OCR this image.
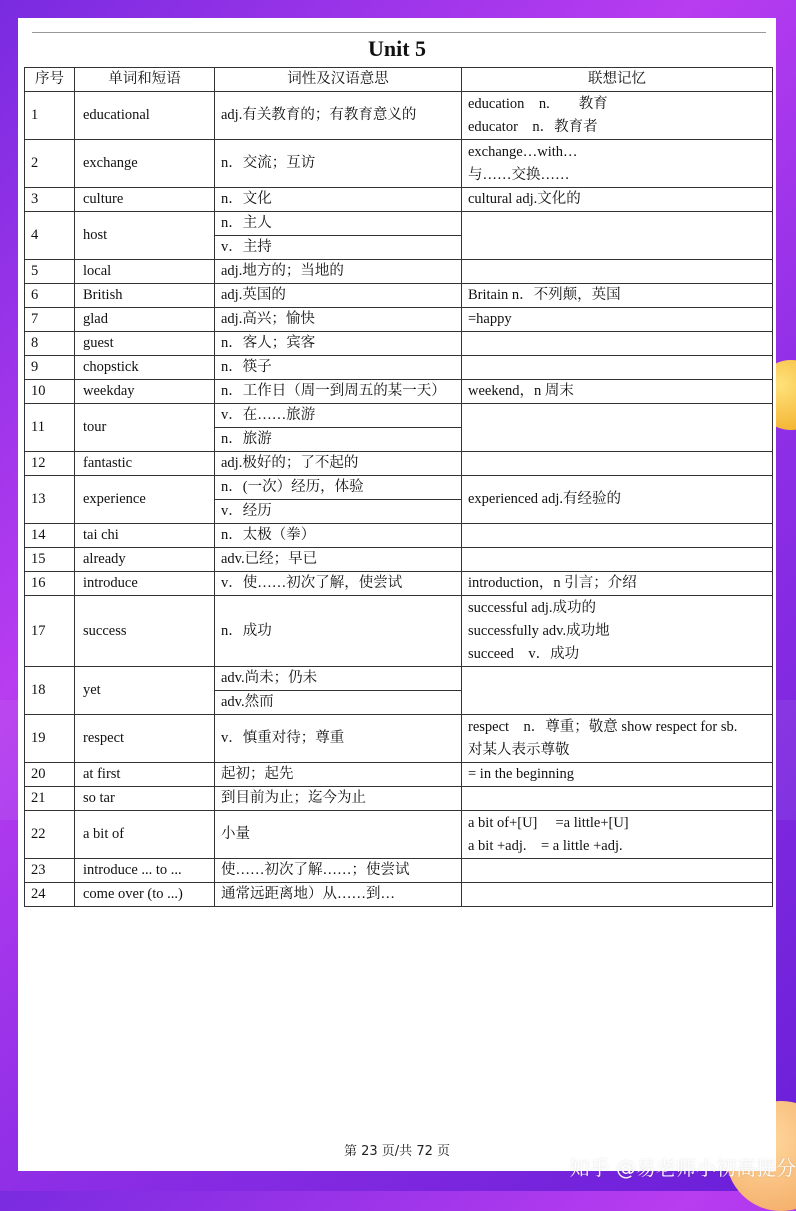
Unit 5
序号	单词和短语	词性及汉语意思	联想记忆
1	educational	adj.有关教育的；有教育意义的	education　n.　　教育
educator　n．教育者

2	exchange	n．交流；互访	exchange…with…
与……交换……

3	culture	n．文化	cultural adj.文化的

4	host	n．主人	
		v．主持	
5	local	adj.地方的；当地的	
6	British	adj.英国的	Britain n．不列颠，英国

7	glad	adj.高兴；愉快	=happy

8	guest	n．客人；宾客	
9	chopstick	n．筷子	
10	weekday	n．工作日（周一到周五的某一天）	weekend，n 周末

11	tour	v．在……旅游	
		n．旅游	
12	fantastic	adj.极好的；了不起的	
13	experience	n．(一次）经历，体验	experienced adj.有经验的

		v．经历	
14	tai chi	n．太极（拳）	
15	already	adv.已经；早已	
16	introduce	v．使……初次了解，使尝试	introduction，n 引言；介绍

17	success	n．成功	successful adj.成功的
successfully adv.成功地
succeed　v．成功

18	yet	adv.尚未；仍未	
		adv.然而	
19	respect	v．慎重对待；尊重	respect　n．尊重；敬意 show respect for sb.
对某人表示尊敬

20	at first	起初；起先	= in the beginning

21	so tar	到目前为止；迄今为止	
22	a bit of	小量	a bit of+[U]　 =a little+[U]
a bit +adj.　= a little +adj.

23	introduce ... to ...	使……初次了解……；使尝试	
24	come over (to ...)	通常远距离地）从……到…	
第 23 页/共 72 页
知乎 @易老师小初高提分
